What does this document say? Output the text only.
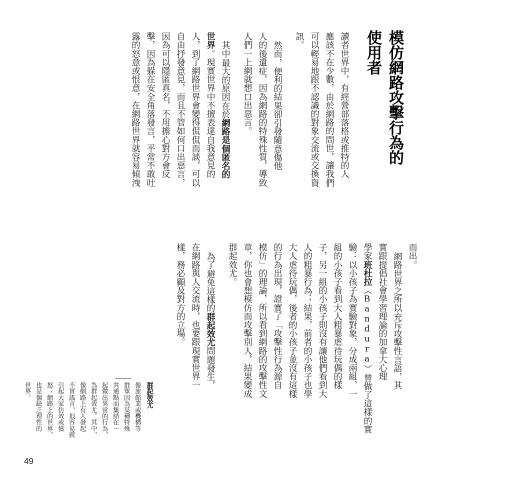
模仿網路攻擊行為的
使用者
讀者世界中，有經營部落格或推特的人
應該不在少數，由於網路的問世，讓我們
可以輕易地跟不認識的對象交流或交換資
訊。
然而，便利的結果卻引發隨意傷他
人的後遺症，因為網路的特殊性質，導致
人們一上網就想口出惡言。
其中最大的原因在於網路是個匿名的
世界。現實世界中不擅表達自我意見的
人，到了網路世界會變得侃侃而談，可以
自由抒發意見，而且不管如何口出惡言，
因為可以隱匿真名，不用擔心對方會反
擊，因為躲在安全角落發言，平常不敢吐
露的怒意或恨意，在網路世界就容易傾洩
而出。
網路世界之所以充斥攻擊性言語，其
實跟提倡社會學習理論的加拿大心理
學家班杜拉（Bandura）曾做了這樣的實
驗：以小孩子為實驗對象，分成兩組，一
組的小孩子看到大人粗暴虐待玩偶的樣
子，另一組的小孩子則沒有讓他們看到大
人的粗暴行為；結果，前者的小孩子也學
大人虐待玩偶，後者的小孩子並沒有這樣
的行為出現，證實了「攻擊性行為源自
模仿」的理論，所以看到網路的攻擊性文
章，你也會想模仿而攻擊別人，結果變成
群起效尤。
為了避免這樣的群起效尤問題發生，
在網路與人交流時，也要跟現實世界一
樣，務必顧及對方的立場。
群起效尤
像旅館業或機構等
群眾因為某種特殊
共通點而集結在一
起做出異常的行為，
為群起效尤。其中，
像網路上有人發起
不實謠言，很容易就
引起大家仿效或憤
怒；網路上的世界，
也是個缺乏理性的
世界。
49
